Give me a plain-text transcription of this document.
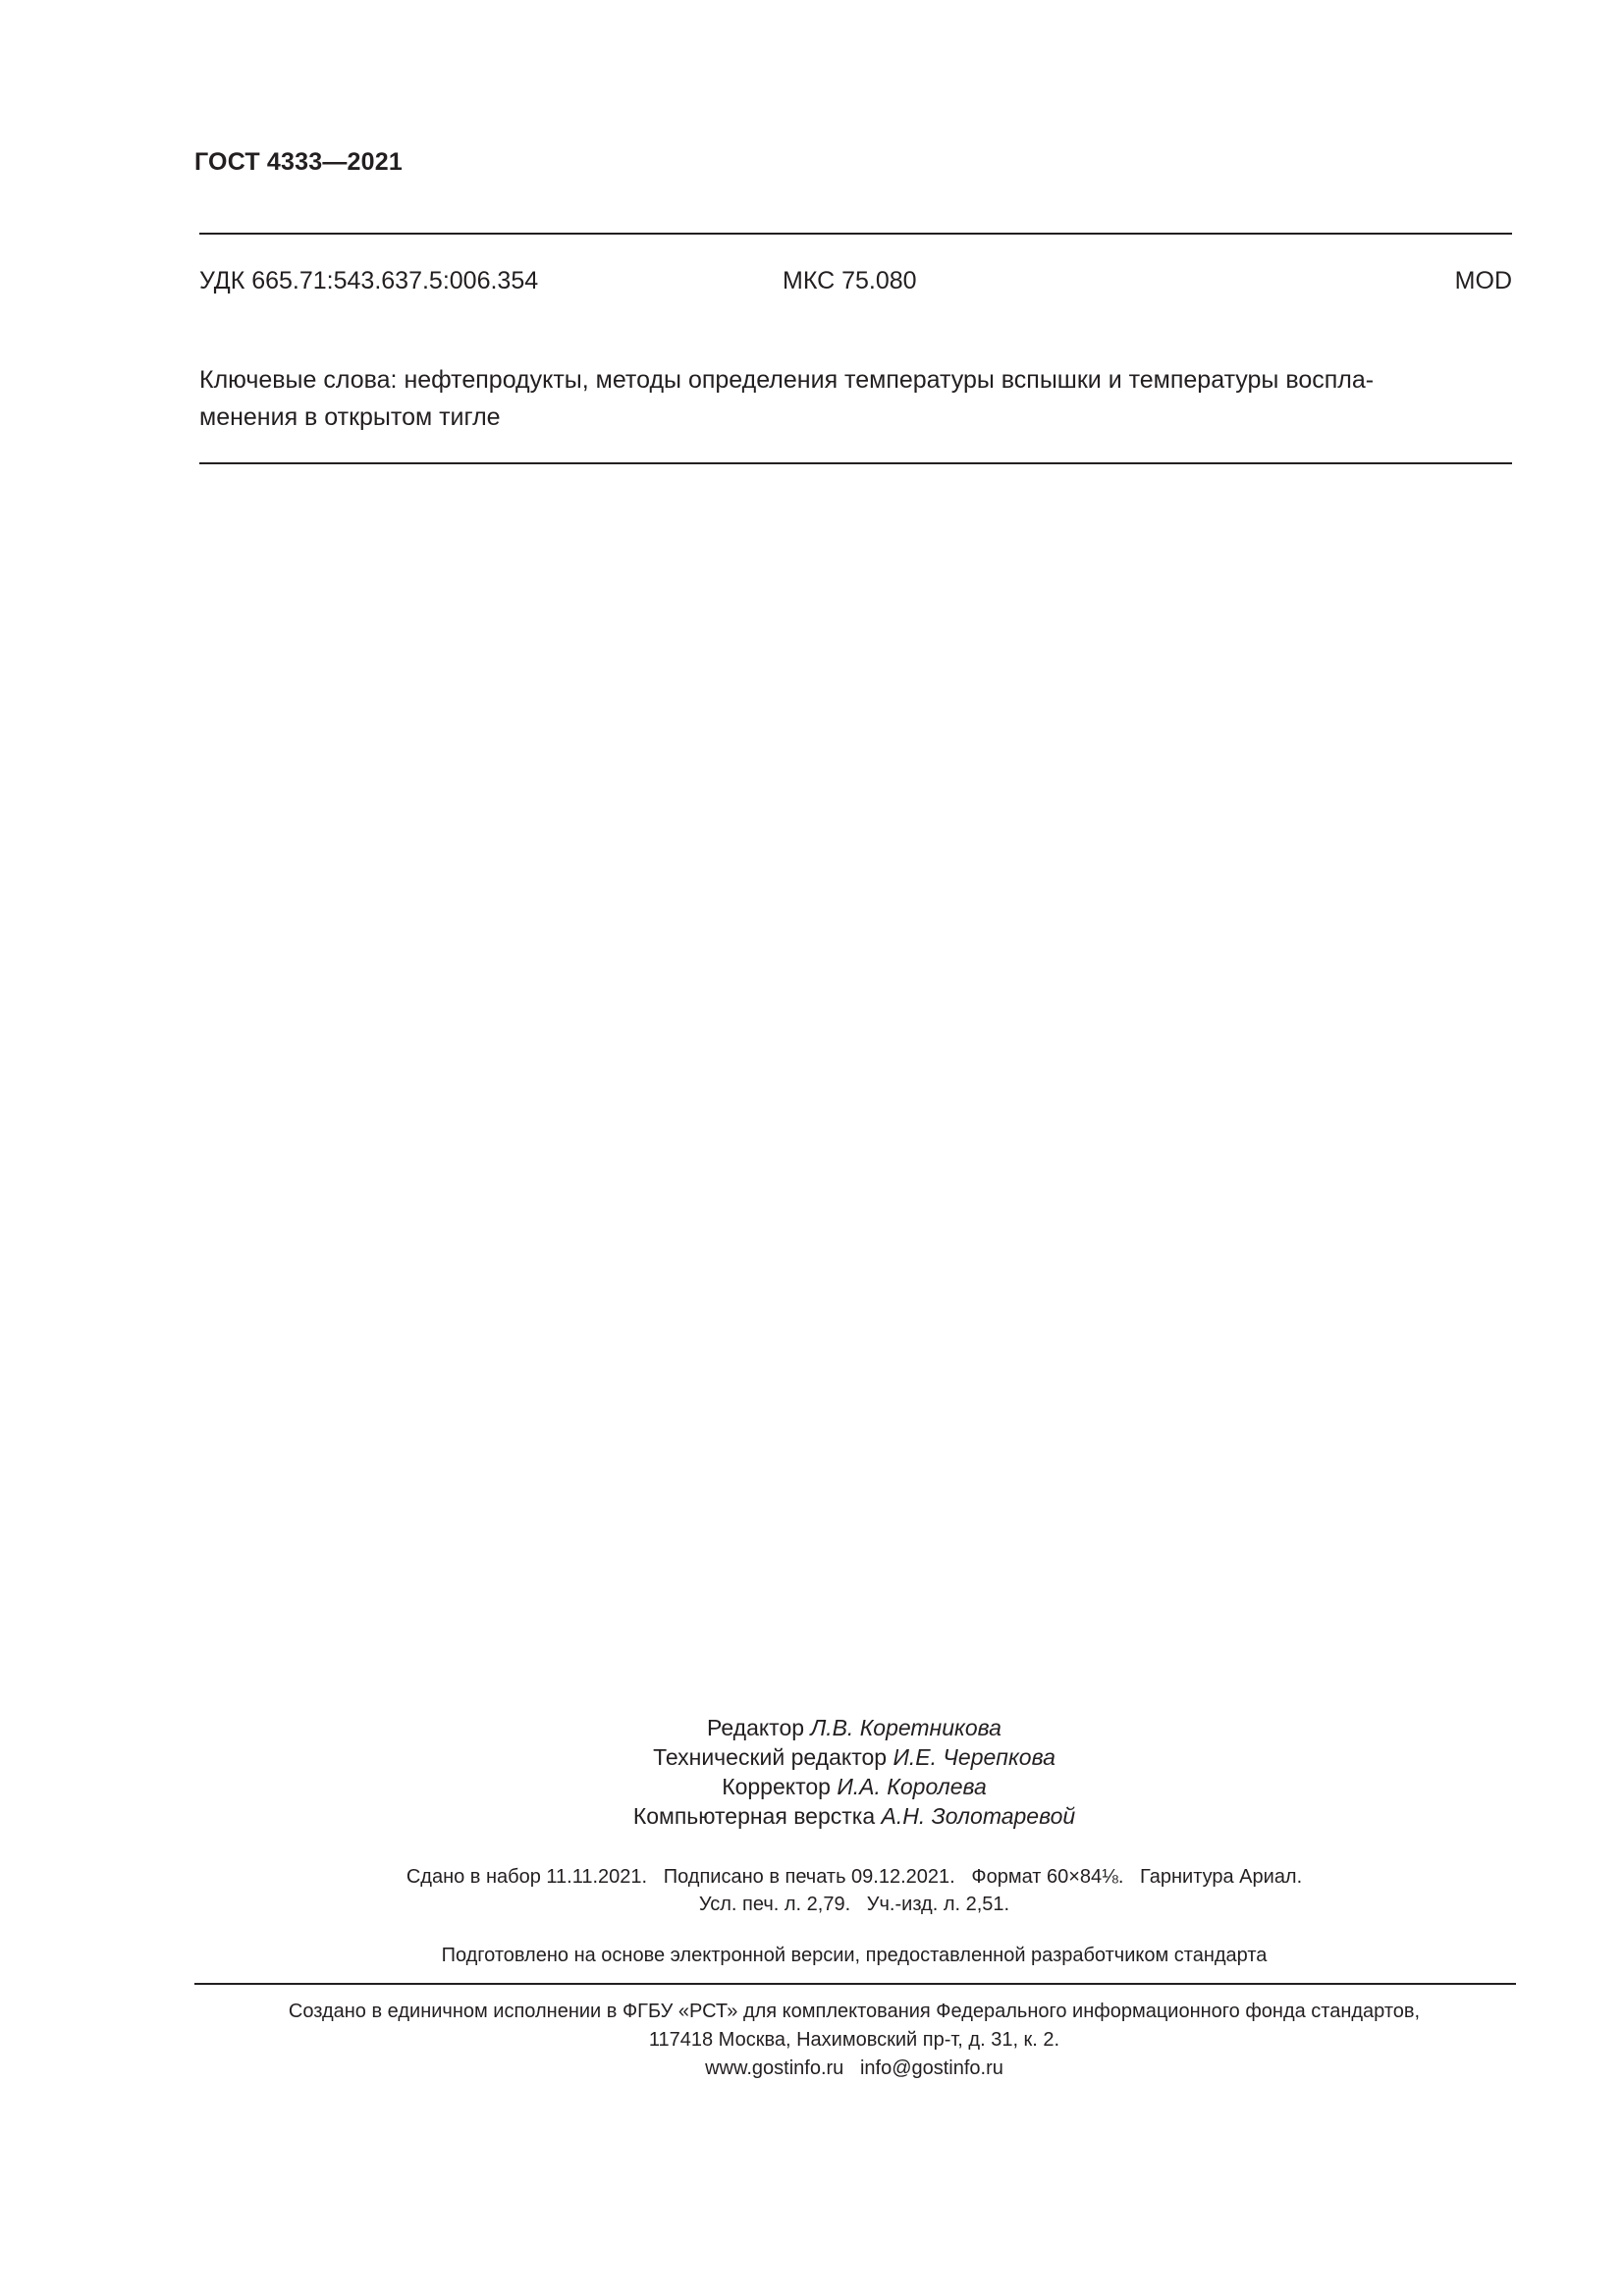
ГОСТ 4333—2021
УДК 665.71:543.637.5:006.354	МКС 75.080	MOD
Ключевые слова: нефтепродукты, методы определения температуры вспышки и температуры воспла-
менения в открытом тигле
Редактор Л.В. Коретникова
Технический редактор И.Е. Черепкова
Корректор И.А. Королева
Компьютерная верстка А.Н. Золотаревой
Сдано в набор 11.11.2021.   Подписано в печать 09.12.2021.   Формат 60×84⅛.   Гарнитура Ариал.
Усл. печ. л. 2,79.   Уч.-изд. л. 2,51.
Подготовлено на основе электронной версии, предоставленной разработчиком стандарта
Создано в единичном исполнении в ФГБУ «РСТ» для комплектования Федерального информационного фонда стандартов,
117418 Москва, Нахимовский пр-т, д. 31, к. 2.
www.gostinfo.ru   info@gostinfo.ru
